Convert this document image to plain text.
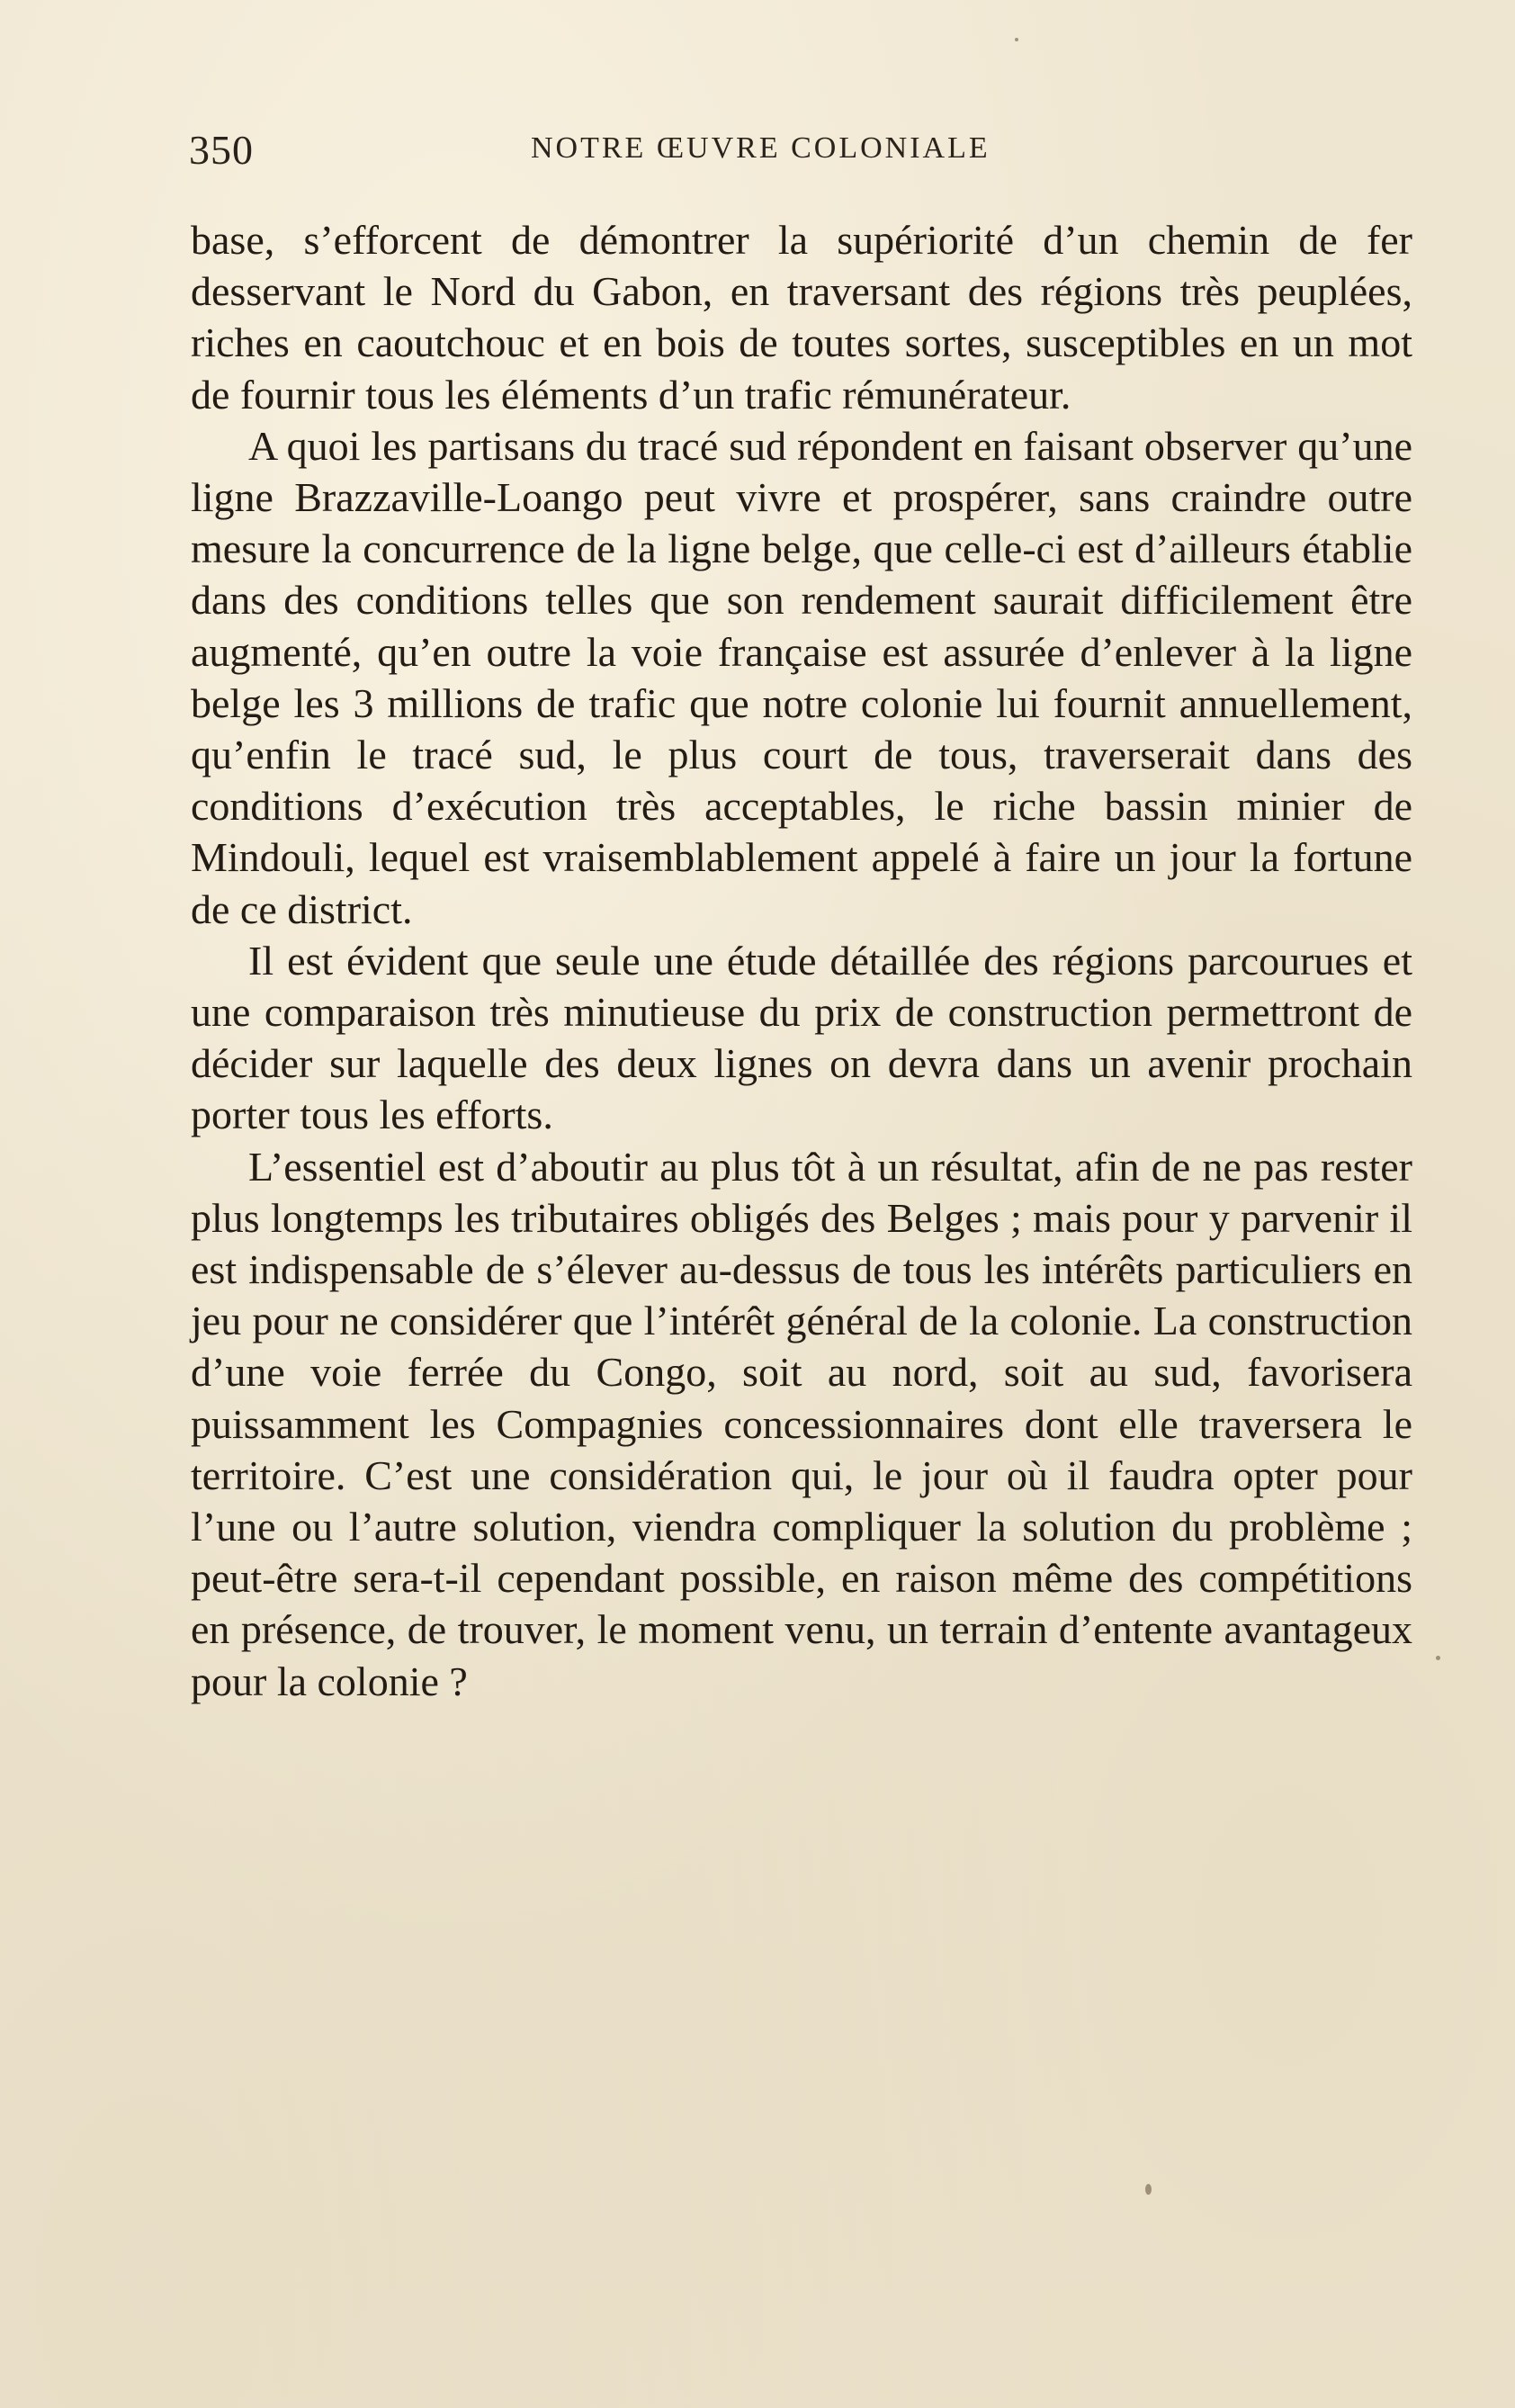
350	NOTRE ŒUVRE COLONIALE

base, s’efforcent de démontrer la supériorité d’un chemin de fer desservant le Nord du Gabon, en traversant des régions très peuplées, riches en caoutchouc et en bois de toutes sortes, susceptibles en un mot de fournir tous les éléments d’un trafic rémunérateur.

A quoi les partisans du tracé sud répondent en faisant observer qu’une ligne Brazzaville-Loango peut vivre et prospérer, sans craindre outre mesure la concurrence de la ligne belge, que celle-ci est d’ailleurs établie dans des conditions telles que son rendement saurait difficilement être augmenté, qu’en outre la voie française est assurée d’enlever à la ligne belge les 3 millions de trafic que notre colonie lui fournit annuellement, qu’enfin le tracé sud, le plus court de tous, traverserait dans des conditions d’exécution très acceptables, le riche bassin minier de Mindouli, lequel est vraisemblablement appelé à faire un jour la fortune de ce district.

Il est évident que seule une étude détaillée des régions parcourues et une comparaison très minutieuse du prix de construction permettront de décider sur laquelle des deux lignes on devra dans un avenir prochain porter tous les efforts.

L’essentiel est d’aboutir au plus tôt à un résultat, afin de ne pas rester plus longtemps les tributaires obligés des Belges ; mais pour y parvenir il est indispensable de s’élever au-dessus de tous les intérêts particuliers en jeu pour ne considérer que l’intérêt général de la colonie. La construction d’une voie ferrée du Congo, soit au nord, soit au sud, favorisera puissamment les Compagnies concessionnaires dont elle traversera le territoire. C’est une considération qui, le jour où il faudra opter pour l’une ou l’autre solution, viendra compliquer la solution du problème ; peut-être sera-t-il cependant possible, en raison même des compétitions en présence, de trouver, le moment venu, un terrain d’entente avantageux pour la colonie ?
